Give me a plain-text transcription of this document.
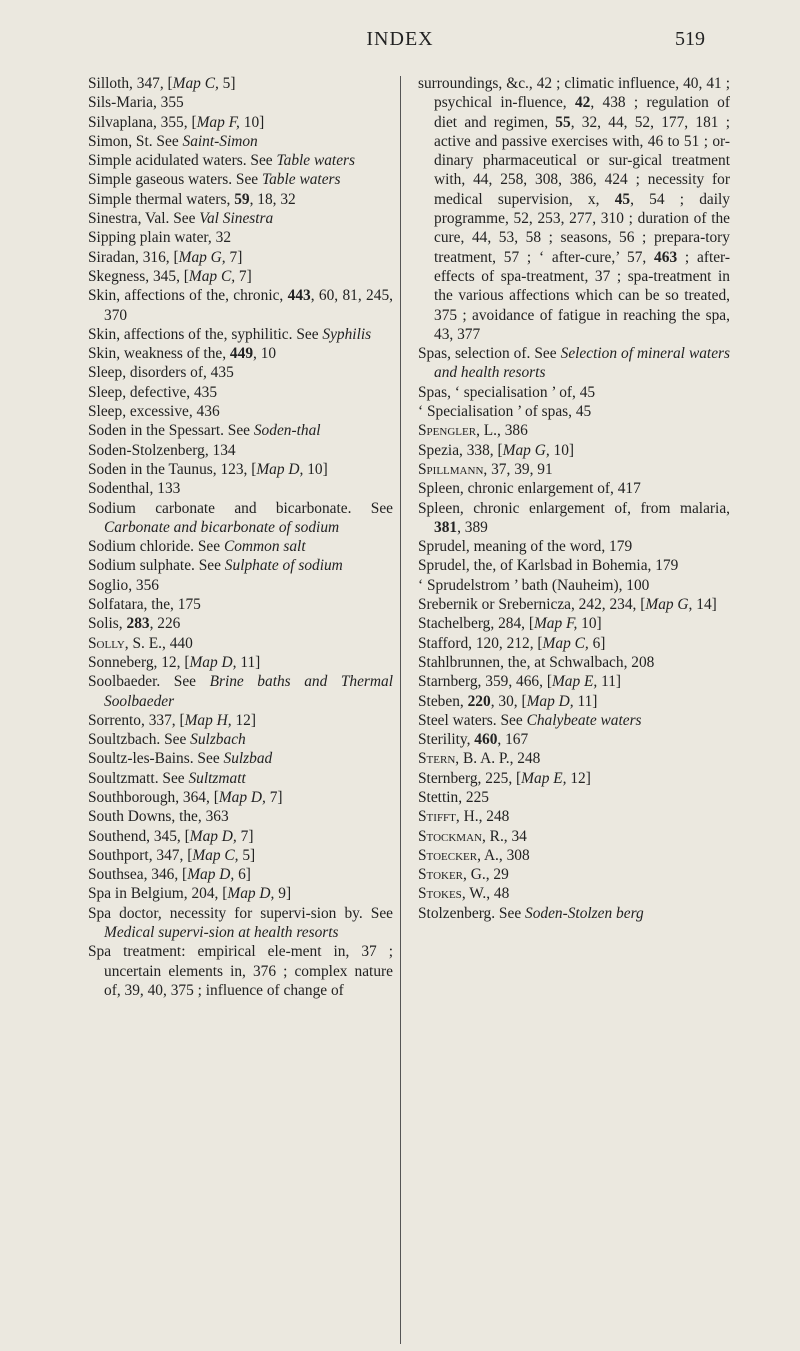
INDEX	519
Silloth, 347, [Map C, 5]
Sils-Maria, 355
Silvaplana, 355, [Map F, 10]
Simon, St. See Saint-Simon
Simple acidulated waters. See Table waters
Simple gaseous waters. See Table waters
Simple thermal waters, 59, 18, 32
Sinestra, Val. See Val Sinestra
Sipping plain water, 32
Siradan, 316, [Map G, 7]
Skegness, 345, [Map C, 7]
Skin, affections of the, chronic, 443, 60, 81, 245, 370
Skin, affections of the, syphilitic. See Syphilis
Skin, weakness of the, 449, 10
Sleep, disorders of, 435
Sleep, defective, 435
Sleep, excessive, 436
Soden in the Spessart. See Soden-thal
Soden-Stolzenberg, 134
Soden in the Taunus, 123, [Map D, 10]
Sodenthal, 133
Sodium carbonate and bicarbonate. See Carbonate and bicarbonate of sodium
Sodium chloride. See Common salt
Sodium sulphate. See Sulphate of sodium
Soglio, 356
Solfatara, the, 175
Solis, 283, 226
Solly, S. E., 440
Sonneberg, 12, [Map D, 11]
Soolbaeder. See Brine baths and Thermal Soolbaeder
Sorrento, 337, [Map H, 12]
Soultzbach. See Sulzbach
Soultz-les-Bains. See Sulzbad
Soultzmatt. See Sultzmatt
Southborough, 364, [Map D, 7]
South Downs, the, 363
Southend, 345, [Map D, 7]
Southport, 347, [Map C, 5]
Southsea, 346, [Map D, 6]
Spa in Belgium, 204, [Map D, 9]
Spa doctor, necessity for supervi-sion by. See Medical supervi-sion at health resorts
Spa treatment: empirical ele-ment in, 37 ; uncertain elements in, 376 ; complex nature of, 39, 40, 375 ; influence of change of
surroundings, &c., 42 ; climatic influence, 40, 41 ; psychical in-fluence, 42, 438 ; regulation of diet and regimen, 55, 32, 44, 52, 177, 181 ; active and passive exercises with, 46 to 51 ; or-dinary pharmaceutical or sur-gical treatment with, 44, 258, 308, 386, 424 ; necessity for medical supervision, x, 45, 54 ; daily programme, 52, 253, 277, 310 ; duration of the cure, 44, 53, 58 ; seasons, 56 ; prepara-tory treatment, 57 ; ‘ after-cure,’ 57, 463 ; after-effects of spa-treatment, 37 ; spa-treatment in the various affections which can be so treated, 375 ; avoidance of fatigue in reaching the spa, 43, 377
Spas, selection of. See Selection of mineral waters and health resorts
Spas, ‘ specialisation ’ of, 45
‘ Specialisation ’ of spas, 45
Spengler, L., 386
Spezia, 338, [Map G, 10]
Spillmann, 37, 39, 91
Spleen, chronic enlargement of, 417
Spleen, chronic enlargement of, from malaria, 381, 389
Sprudel, meaning of the word, 179
Sprudel, the, of Karlsbad in Bohemia, 179
‘ Sprudelstrom ’ bath (Nauheim), 100
Srebernik or Srebernicza, 242, 234, [Map G, 14]
Stachelberg, 284, [Map F, 10]
Stafford, 120, 212, [Map C, 6]
Stahlbrunnen, the, at Schwalbach, 208
Starnberg, 359, 466, [Map E, 11]
Steben, 220, 30, [Map D, 11]
Steel waters. See Chalybeate waters
Sterility, 460, 167
Stern, B. A. P., 248
Sternberg, 225, [Map E, 12]
Stettin, 225
Stifft, H., 248
Stockman, R., 34
Stoecker, A., 308
Stoker, G., 29
Stokes, W., 48
Stolzenberg. See Soden-Stolzen berg
